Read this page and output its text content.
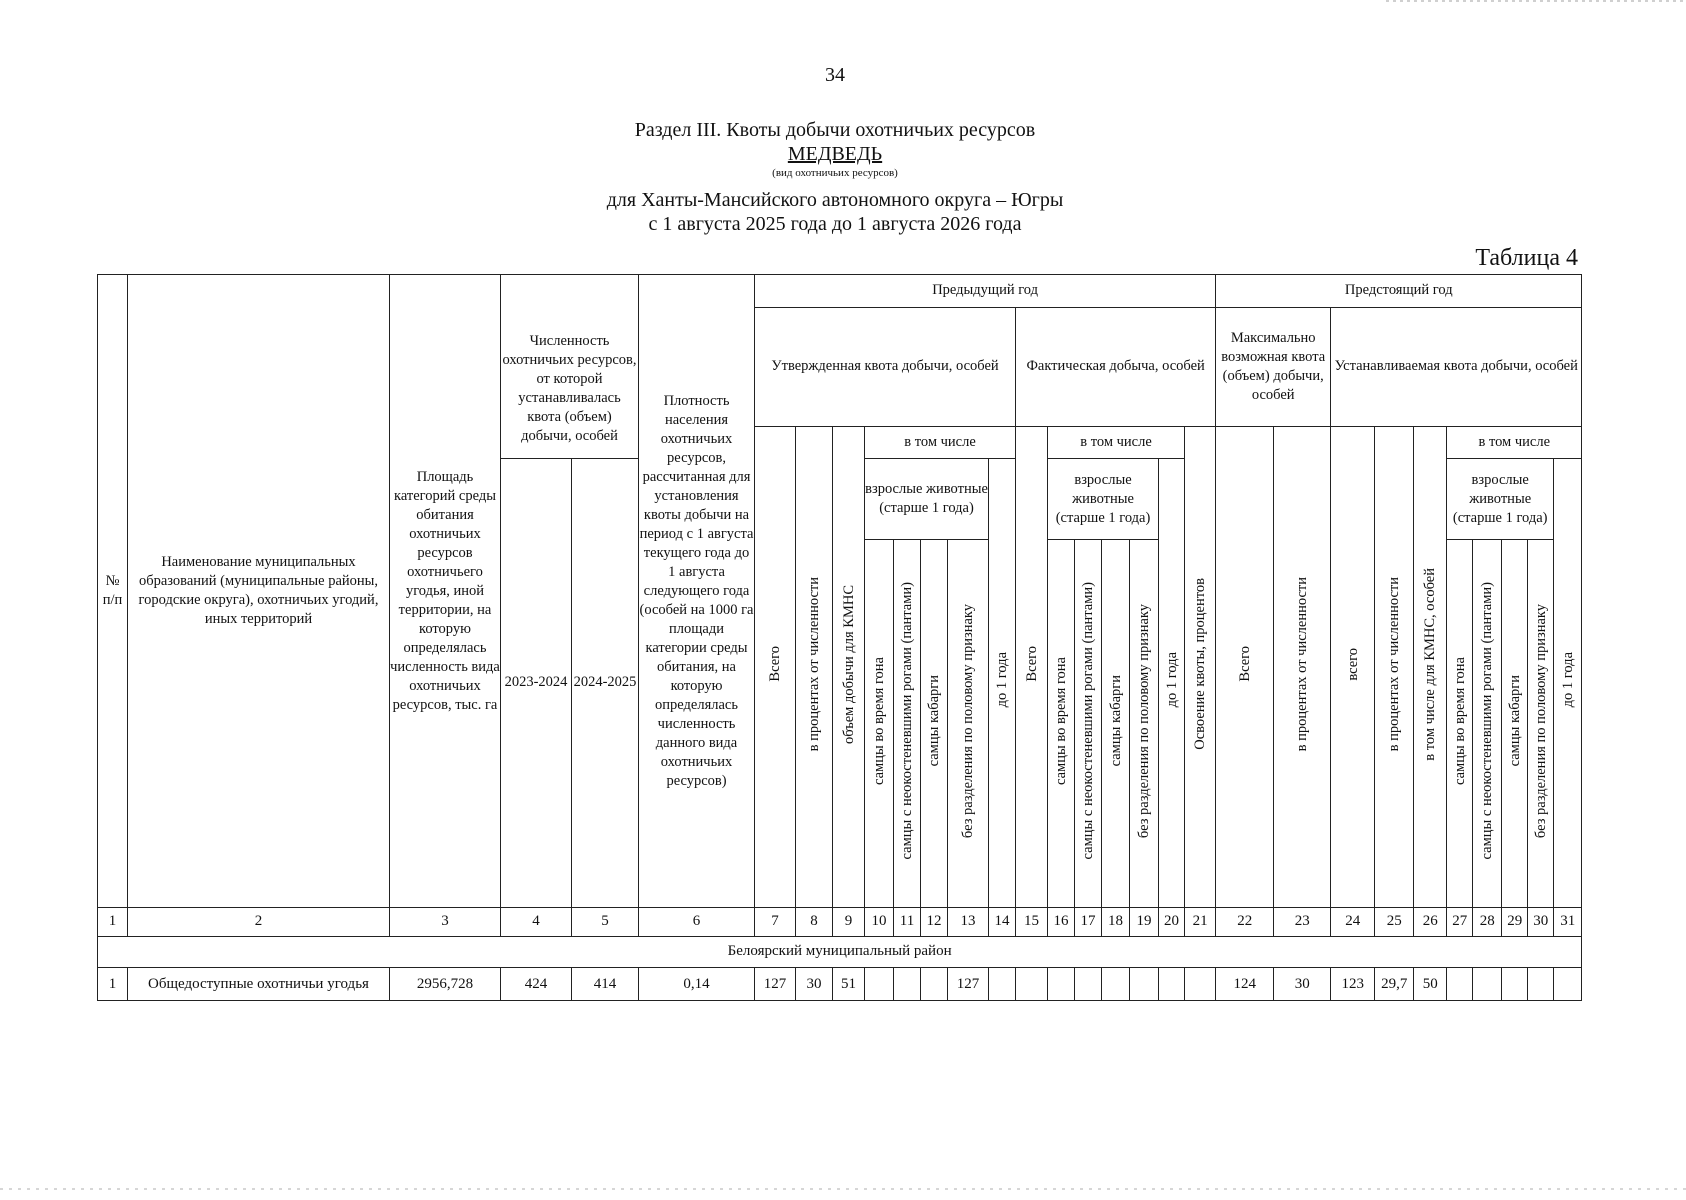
34
Раздел III. Квоты добычи охотничьих ресурсов
МЕДВЕДЬ
(вид охотничьих ресурсов)
для Ханты-Мансийского автономного округа – Югры
с 1 августа 2025 года до 1 августа 2026 года
Таблица 4
№ п/п	Наименование муниципальных образований (муниципальные районы, городские округа), охотничьих угодий, иных территорий	Площадь категорий среды обитания охотничьих ресурсов охотничьего угодья, иной территории, на которую определялась численность вида охотничьих ресурсов, тыс. га	Численность охотничьих ресурсов, от которой устанавливалась квота (объем) добычи, особей		Плотность населения охотничьих ресурсов, рассчитанная для установления квоты добычи на период с 1 августа текущего года до 1 августа следующего года (особей на 1000 га площади категории среды обитания, на которую определялась численность данного вида охотничьих ресурсов)	Предыдущий год															Предстоящий год									
						Утвержденная квота добычи, особей								Фактическая добыча, особей							Максимально возможная квота (объем) добычи, особей		Устанавливаемая квота добычи, особей							
						Всего	в процентах от численности	объем добычи для КМНС	в том числе					Всего	в том числе					Освоение квоты, процентов	Всего	в процентах от численности	всего	в процентах от численности	в том числе для КМНС, особей	в том числе				
			2023-2024	2024-2025					взрослые животные (старше 1 года)				до 1 года		взрослые животные (старше 1 года)				до 1 года							взрослые животные (старше 1 года)				до 1 года
									самцы во время гона	самцы с неокостеневшими рогами (пантами)	самцы кабарги	без разделения по половому признаку			самцы во время гона	самцы с неокостеневшими рогами (пантами)	самцы кабарги	без разделения по половому признаку								самцы во время гона	самцы с неокостеневшими рогами (пантами)	самцы кабарги	без разделения по половому признаку	
1	2	3	4	5	6	7	8	9	10	11	12	13	14	15	16	17	18	19	20	21	22	23	24	25	26	27	28	29	30	31
Белоярский муниципальный район																														
1	Общедоступные охотничьи угодья	2956,728	424	414	0,14	127	30	51				127									124	30	123	29,7	50					
